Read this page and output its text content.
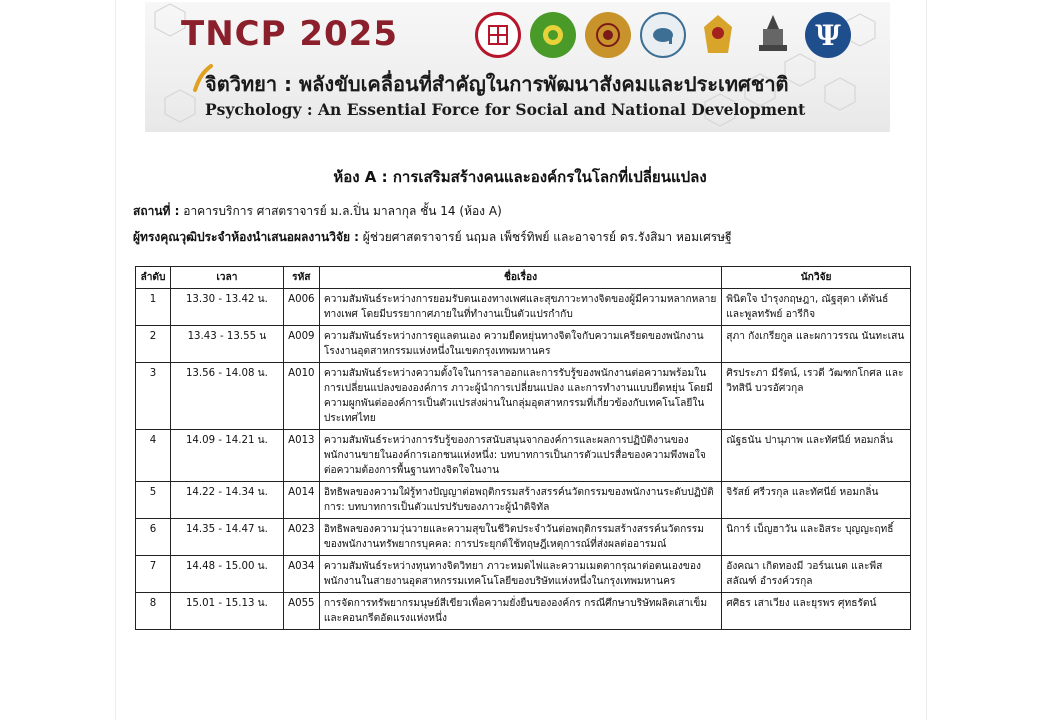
TNCP 2025	Ψ
จิตวิทยา : พลังขับเคลื่อนที่สำคัญในการพัฒนาสังคมและประเทศชาติ
Psychology : An Essential Force for Social and National Development
ห้อง A : การเสริมสร้างคนและองค์กรในโลกที่เปลี่ยนแปลง
สถานที่ : อาคารบริการ ศาสตราจารย์ ม.ล.ปิ่น มาลากุล ชั้น 14 (ห้อง A)
ผู้ทรงคุณวุฒิประจำห้องนำเสนอผลงานวิจัย : ผู้ช่วยศาสตราจารย์ นฤมล เพ็ชร์ทิพย์ และอาจารย์ ดร.รังสิมา หอมเศรษฐี
ลำดับ	เวลา	รหัส	ชื่อเรื่อง	นักวิจัย
1	13.30 - 13.42 น.	A006	ความสัมพันธ์ระหว่างการยอมรับตนเองทางเพศและสุขภาวะทางจิตของผู้มีความหลากหลายทางเพศ โดยมีบรรยากาศภายในที่ทำงานเป็นตัวแปรกำกับ	พินิตใจ บำรุงกฤษฎา, ณัฐสุดา เต้พันธ์ และพูลทรัพย์ อารีกิจ
2	13.43 - 13.55 น	A009	ความสัมพันธ์ระหว่างการดูแลตนเอง ความยืดหยุ่นทางจิตใจกับความเครียดของพนักงานโรงงานอุตสาหกรรมแห่งหนึ่งในเขตกรุงเทพมหานคร	สุภา กังเกรียกูล และผกาวรรณ นันทะเสน
3	13.56 - 14.08 น.	A010	ความสัมพันธ์ระหว่างความตั้งใจในการลาออกและการรับรู้ของพนักงานต่อความพร้อมในการเปลี่ยนแปลงขององค์การ ภาวะผู้นำการเปลี่ยนแปลง และการทำงานแบบยืดหยุ่น โดยมีความผูกพันต่อองค์การเป็นตัวแปรส่งผ่านในกลุ่มอุตสาหกรรมที่เกี่ยวข้องกับเทคโนโลยีในประเทศไทย	ศิรประภา มีรัตน์, เรวดี วัฒฑกโกศล และวิทสินี บวรอัศวกุล
4	14.09 - 14.21 น.	A013	ความสัมพันธ์ระหว่างการรับรู้ของการสนับสนุนจากองค์การและผลการปฏิบัติงานของพนักงานขายในองค์การเอกชนแห่งหนึ่ง: บทบาทการเป็นการตัวแปรสื่อของความพึงพอใจต่อความต้องการพื้นฐานทางจิตใจในงาน	ณัฐธนัน ปานุภาพ และทัศนีย์ หอมกลิ่น
5	14.22 - 14.34 น.	A014	อิทธิพลของความใฝ่รู้ทางปัญญาต่อพฤติกรรมสร้างสรรค์นวัตกรรมของพนักงานระดับปฏิบัติการ: บทบาทการเป็นตัวแปรปรับของภาวะผู้นำดิจิทัล	จิรัสย์ ศรีวรกุล และทัศนีย์ หอมกลิ่น
6	14.35 - 14.47 น.	A023	อิทธิพลของความวุ่นวายและความสุขในชีวิตประจำวันต่อพฤติกรรมสร้างสรรค์นวัตกรรมของพนักงานทรัพยากรบุคคล: การประยุกต์ใช้ทฤษฎีเหตุการณ์ที่ส่งผลต่ออารมณ์	นิการ์ เบ็ญฮาวัน และอิสระ บุญญะฤทธิ์
7	14.48 - 15.00 น.	A034	ความสัมพันธ์ระหว่างทุนทางจิตวิทยา ภาวะหมดไฟและความเมตตากรุณาต่อตนเองของพนักงานในสายงานอุตสาหกรรมเทคโนโลยีของบริษัทแห่งหนึ่งในกรุงเทพมหานคร	อังคณา เกิดทองมี วอร์นเนต และพีสสลัณฑ์ อำรงค์วรกุล
8	15.01 - 15.13 น.	A055	การจัดการทรัพยากรมนุษย์สีเขียวเพื่อความยั่งยืนขององค์กร กรณีศึกษาบริษัทผลิตเสาเข็มและคอนกรีตอัดแรงแห่งหนึ่ง	ศศิธร เสาเวียง และยุรพร ศุทธรัตน์
